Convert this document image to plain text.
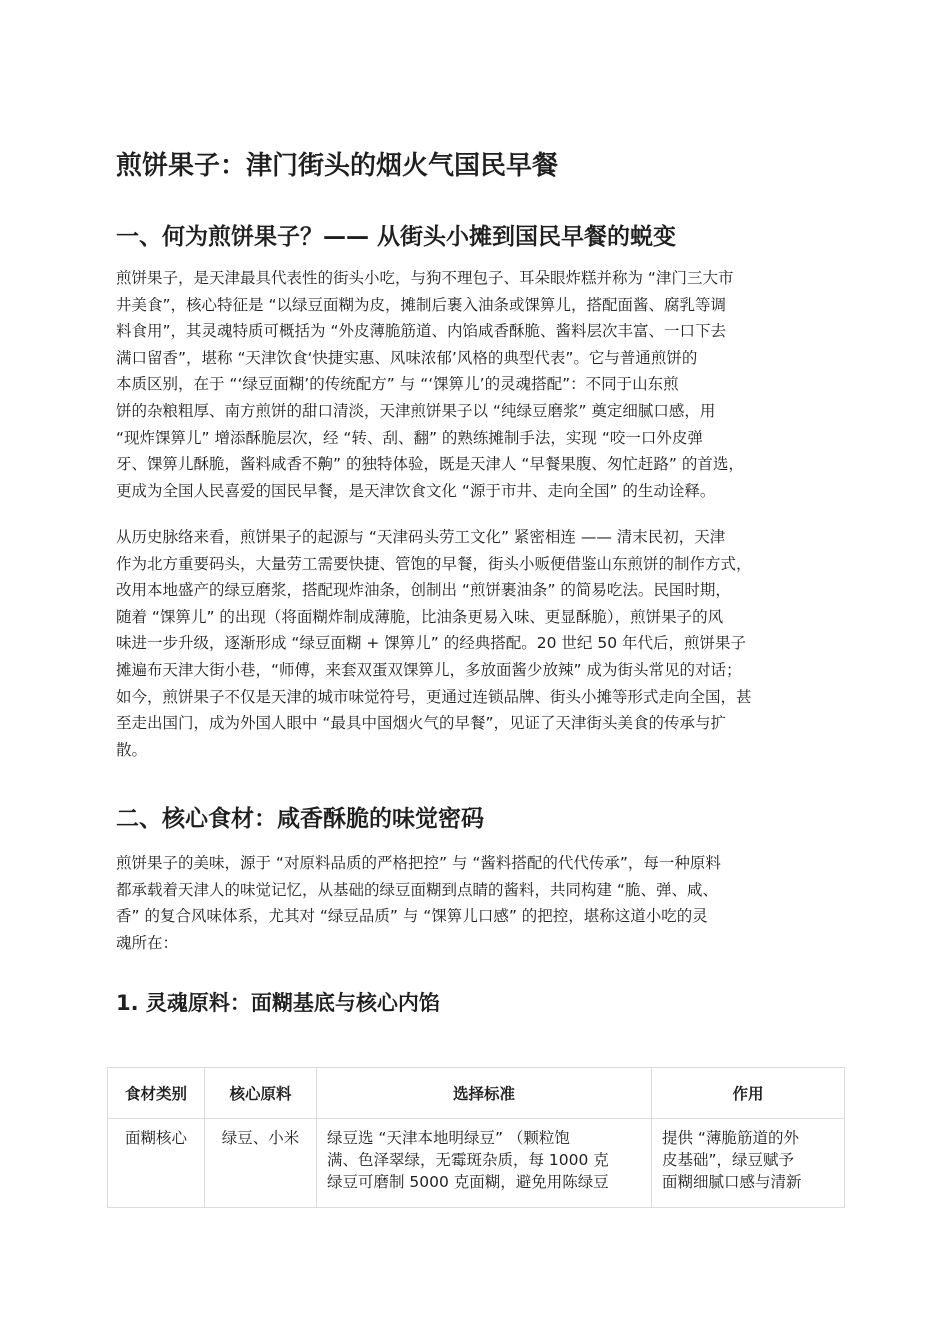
煎饼果子：津门街头的烟火气国民早餐
一、何为煎饼果子？—— 从街头小摊到国民早餐的蜕变
煎饼果子，是天津最具代表性的街头小吃，与狗不理包子、耳朵眼炸糕并称为 “津门三大市
井美食”，核心特征是 “以绿豆面糊为皮，摊制后裹入油条或馃箅儿，搭配面酱、腐乳等调
料食用”，其灵魂特质可概括为 “外皮薄脆筋道、内馅咸香酥脆、酱料层次丰富、一口下去
满口留香”，堪称 “天津饮食‘快捷实惠、风味浓郁’风格的典型代表”。它与普通煎饼的
本质区别，在于 “‘绿豆面糊’的传统配方” 与 “‘馃箅儿’的灵魂搭配”：不同于山东煎
饼的杂粮粗厚、南方煎饼的甜口清淡，天津煎饼果子以 “纯绿豆磨浆” 奠定细腻口感，用
“现炸馃箅儿” 增添酥脆层次，经 “转、刮、翻” 的熟练摊制手法，实现 “咬一口外皮弹
牙、馃箅儿酥脆，酱料咸香不齁” 的独特体验，既是天津人 “早餐果腹、匆忙赶路” 的首选，
更成为全国人民喜爱的国民早餐，是天津饮食文化 “源于市井、走向全国” 的生动诠释。
从历史脉络来看，煎饼果子的起源与 “天津码头劳工文化” 紧密相连 —— 清末民初，天津
作为北方重要码头，大量劳工需要快捷、管饱的早餐，街头小贩便借鉴山东煎饼的制作方式，
改用本地盛产的绿豆磨浆，搭配现炸油条，创制出 “煎饼裹油条” 的简易吃法。民国时期，
随着 “馃箅儿” 的出现（将面糊炸制成薄脆，比油条更易入味、更显酥脆），煎饼果子的风
味进一步升级，逐渐形成 “绿豆面糊 + 馃箅儿” 的经典搭配。20 世纪 50 年代后，煎饼果子
摊遍布天津大街小巷，“师傅，来套双蛋双馃箅儿，多放面酱少放辣” 成为街头常见的对话；
如今，煎饼果子不仅是天津的城市味觉符号，更通过连锁品牌、街头小摊等形式走向全国，甚
至走出国门，成为外国人眼中 “最具中国烟火气的早餐”，见证了天津街头美食的传承与扩
散。
二、核心食材：咸香酥脆的味觉密码
煎饼果子的美味，源于 “对原料品质的严格把控” 与 “酱料搭配的代代传承”，每一种原料
都承载着天津人的味觉记忆，从基础的绿豆面糊到点睛的酱料，共同构建 “脆、弹、咸、
香” 的复合风味体系，尤其对 “绿豆品质” 与 “馃箅儿口感” 的把控，堪称这道小吃的灵
魂所在：
1. 灵魂原料：面糊基底与核心内馅
食材类别	核心原料	选择标准	作用
面糊核心	绿豆、小米	绿豆选 “天津本地明绿豆” （颗粒饱
满、色泽翠绿，无霉斑杂质，每 1000 克
绿豆可磨制 5000 克面糊，避免用陈绿豆	提供 “薄脆筋道的外
皮基础”，绿豆赋予
面糊细腻口感与清新
